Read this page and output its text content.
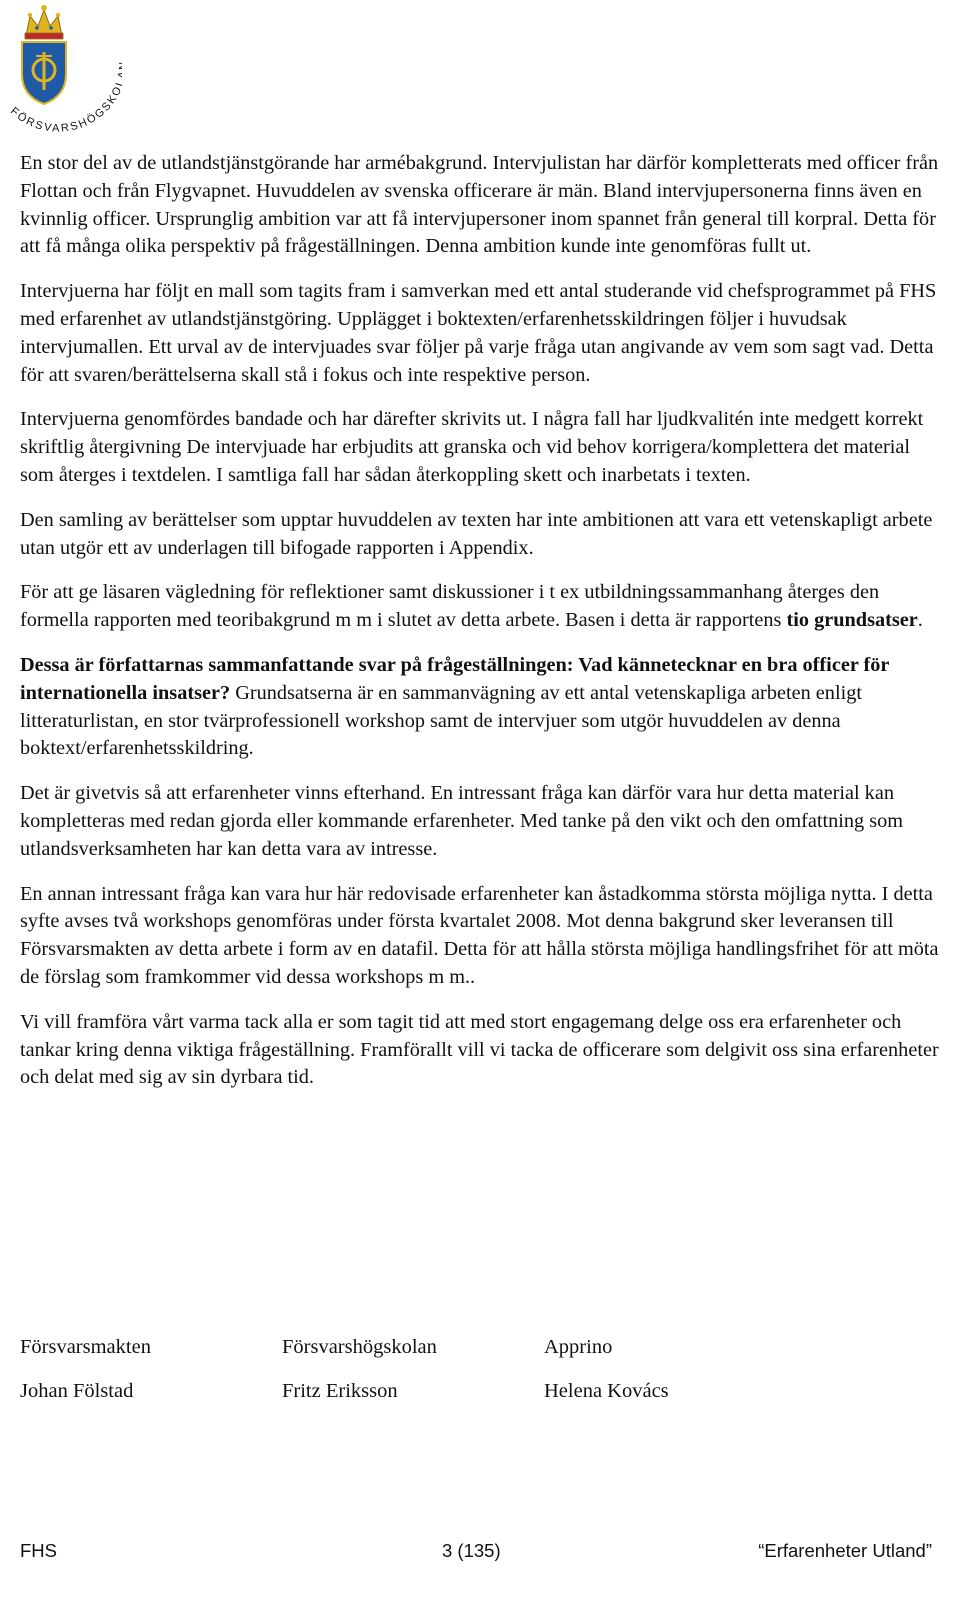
FÖRSVARSHÖGSK

En stor del av de utlandstjänstgörande har armébakgrund. Intervjulistan har därför kompletterats med officer från Flottan och från Flygvapnet. Huvuddelen av svenska officerare är män. Bland intervjupersonerna finns även en kvinnlig officer. Ursprunglig ambition var att få intervjupersoner inom spannet från general till korpral. Detta för att få många olika perspektiv på frågeställningen. Denna ambition kunde inte genomföras fullt ut.

Intervjuerna har följt en mall som tagits fram i samverkan med ett antal studerande vid chefsprogrammet på FHS med erfarenhet av utlandstjänstgöring. Upplägget i boktexten/erfarenhetsskildringen följer i huvudsak intervjumallen. Ett urval av de intervjuades svar följer på varje fråga utan angivande av vem som sagt vad. Detta för att svaren/berättelserna skall stå i fokus och inte respektive person.

Intervjuerna genomfördes bandade och har därefter skrivits ut. I några fall har ljudkvalitén inte medgett korrekt skriftlig återgivning De intervjuade har erbjudits att granska och vid behov korrigera/komplettera det material som återges i textdelen. I samtliga fall har sådan återkoppling skett och inarbetats i texten.

Den samling av berättelser som upptar huvuddelen av texten har inte ambitionen att vara ett vetenskapligt arbete utan utgör ett av underlagen till bifogade rapporten i Appendix.

För att ge läsaren vägledning för reflektioner samt diskussioner i t ex utbildningssammanhang återges den formella rapporten med teoribakgrund m m i slutet av detta arbete. Basen i detta är rapportens tio grundsatser.

Dessa är författarnas sammanfattande svar på frågeställningen: Vad kännetecknar en bra officer för internationella insatser? Grundsatserna är en sammanvägning av ett antal vetenskapliga arbeten enligt litteraturlistan, en stor tvärprofessionell workshop samt de intervjuer som utgör huvuddelen av denna boktext/erfarenhetsskildring.

Det är givetvis så att erfarenheter vinns efterhand. En intressant fråga kan därför vara hur detta material kan kompletteras med redan gjorda eller kommande erfarenheter. Med tanke på den vikt och den omfattning som utlandsverksamheten har kan detta vara av intresse.

En annan intressant fråga kan vara hur här redovisade erfarenheter kan åstadkomma största möjliga nytta. I detta syfte avses två workshops genomföras under första kvartalet 2008. Mot denna bakgrund sker leveransen till Försvarsmakten av detta arbete i form av en datafil. Detta för att hålla största möjliga handlingsfrihet för att möta de förslag som framkommer vid dessa workshops m m..

Vi vill framföra vårt varma tack alla er som tagit tid att med stort engagemang delge oss era erfarenheter och tankar kring denna viktiga frågeställning. Framförallt vill vi tacka de officerare som delgivit oss sina erfarenheter och delat med sig av sin dyrbara tid.

Försvarsmakten	Försvarshögskolan	Apprino
Johan Fölstad	Fritz Eriksson	Helena Kovács
FHS	3 (135)	“Erfarenheter Utland”
